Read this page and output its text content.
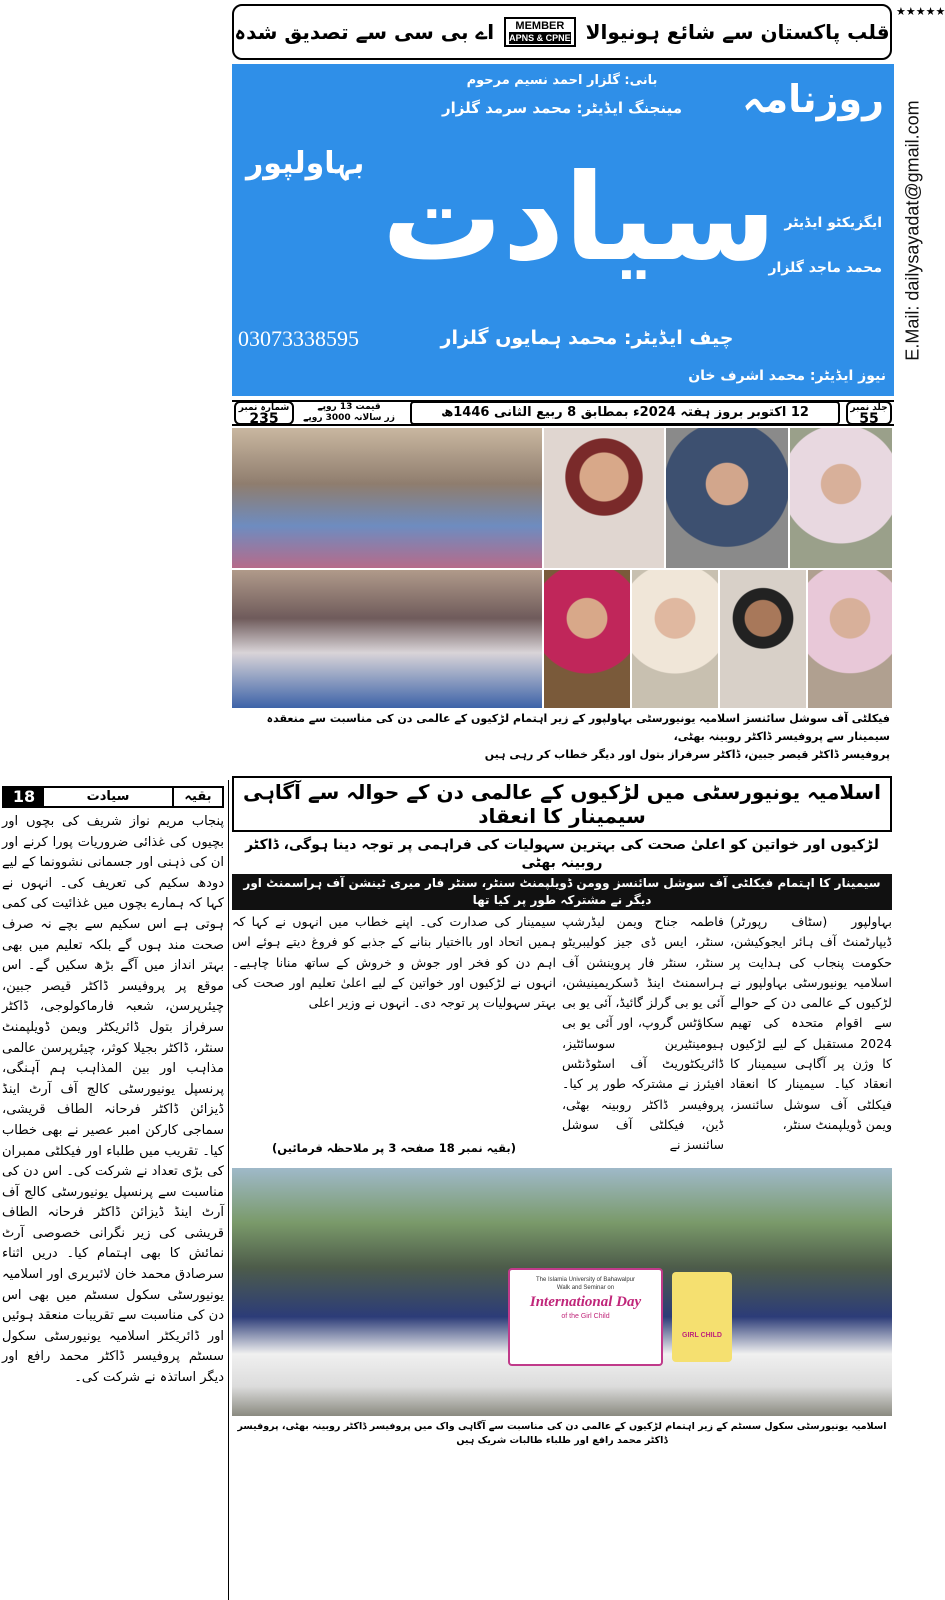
قلب پاکستان سے شائع ہونیوالا
MEMBER
APNS & CPNE
اے بی سی سے تصدیق شدہ
★★★★★
E.Mail: dailysayadat@gmail.com
روزنامہ
بہاولپور
بانی: گلزار احمد نسیم مرحوم
مینجنگ ایڈیٹر: محمد سرمد گلزار
سیادت ایگزیکٹو ایڈیٹر
محمد ماجد گلزار
نیوز ایڈیٹر: محمد اشرف خان
چیف ایڈیٹر: محمد ہمایوں گلزار
03073338595
شمارہ نمبر
235
قیمت 13 روپے
زر سالانہ 3000 روپے	12 اکتوبر بروز ہفتہ 2024ء بمطابق 8 ربیع الثانی 1446ھ	جلد نمبر
55
فیکلٹی آف سوشل سائنسز اسلامیہ یونیورسٹی بہاولپور کے زیر اہتمام لڑکیوں کے عالمی دن کی مناسبت سے منعقدہ سیمینار سے پروفیسر ڈاکٹر روبینہ بھٹی،
پروفیسر ڈاکٹر قیصر جبین، ڈاکٹر سرفراز بتول اور دیگر خطاب کر رہی ہیں
اسلامیہ یونیورسٹی میں لڑکیوں کے عالمی دن کے حوالہ سے آگاہی سیمینار کا انعقاد
لڑکیوں اور خواتین کو اعلیٰ صحت کی بہترین سہولیات کی فراہمی پر توجہ دینا ہوگی، ڈاکٹر روبینہ بھٹی
سیمینار کا اہتمام فیکلٹی آف سوشل سائنسز وومن ڈویلپمنٹ سنٹر، سنٹر فار میری ٹینشن آف ہراسمنٹ اور دیگر نے مشترکہ طور پر کیا تھا
بہاولپور (سٹاف رپورٹر) ڈیپارٹمنٹ آف ہائر ایجوکیشن، حکومت پنجاب کی ہدایت پر اسلامیہ یونیورسٹی بہاولپور نے لڑکیوں کے عالمی دن کے حوالے سے اقوام متحدہ کی تھیم 2024 مستقبل کے لیے لڑکیوں کا وژن پر آگاہی سیمینار کا انعقاد کیا۔ سیمینار کا انعقاد فیکلٹی آف سوشل سائنسز، ویمن ڈویلپمنٹ سنٹر،
فاطمہ جناح ویمن لیڈرشپ سنٹر، ایس ڈی جیز کولیبریٹو سنٹر، سنٹر فار پروینشن آف ہراسمنٹ اینڈ ڈسکریمینیشن، آئی یو بی گرلز گائیڈ، آئی یو بی سکاؤٹس گروپ، اور آئی یو بی ہیومینٹیرین سوسائٹیز، ڈائریکٹوریٹ آف اسٹوڈنٹس افیئرز نے مشترکہ طور پر کیا۔ پروفیسر ڈاکٹر روبینہ بھٹی، ڈین، فیکلٹی آف سوشل سائنسز نے
سیمینار کی صدارت کی۔ اپنے خطاب میں انہوں نے کہا کہ ہمیں اتحاد اور بااختیار بنانے کے جذبے کو فروغ دیتے ہوئے اس اہم دن کو فخر اور جوش و خروش کے ساتھ منانا چاہیے۔ انہوں نے لڑکیوں اور خواتین کے لیے اعلیٰ تعلیم اور صحت کی بہتر سہولیات پر توجہ دی۔ انہوں نے وزیر اعلی
(بقیہ نمبر 18 صفحہ 3 پر ملاحظہ فرمائیں)
The Islamia University of Bahawalpur
Walk and Seminar on
International Day
of the Girl Child
GIRL CHILD
اسلامیہ یونیورسٹی سکول سسٹم کے زیر اہتمام لڑکیوں کے عالمی دن کی مناسبت سے آگاہی واک میں پروفیسر ڈاکٹر روبینہ بھٹی، پروفیسر ڈاکٹر محمد رافع اور طلباء طالبات شریک ہیں
18	سیادت	بقیہ
پنجاب مریم نواز شریف کی بچوں اور بچیوں کی غذائی ضروریات پورا کرنے اور ان کی ذہنی اور جسمانی نشوونما کے لیے دودھ سکیم کی تعریف کی۔ انہوں نے کہا کہ ہمارے بچوں میں غذائیت کی کمی ہوتی ہے اس سکیم سے بچے نہ صرف صحت مند ہوں گے بلکہ تعلیم میں بھی بہتر انداز میں آگے بڑھ سکیں گے۔ اس موقع پر پروفیسر ڈاکٹر قیصر جبین، چیئرپرسن، شعبہ فارماکولوجی، ڈاکٹر سرفراز بتول ڈائریکٹر ویمن ڈویلپمنٹ سنٹر، ڈاکٹر بجیلا کوثر، چیئرپرسن عالمی مذاہب اور بین المذاہب ہم آہنگی، پرنسپل یونیورسٹی کالج آف آرٹ اینڈ ڈیزائن ڈاکٹر فرحانہ الطاف قریشی، سماجی کارکن امبر عصیر نے بھی خطاب کیا۔ تقریب میں طلباء اور فیکلٹی ممبران کی بڑی تعداد نے شرکت کی۔ اس دن کی مناسبت سے پرنسپل یونیورسٹی کالج آف آرٹ اینڈ ڈیزائن ڈاکٹر فرحانہ الطاف قریشی کی زیر نگرانی خصوصی آرٹ نمائش کا بھی اہتمام کیا۔ دریں اثناء سرصادق محمد خان لائبریری اور اسلامیہ یونیورسٹی سکول سسٹم میں بھی اس دن کی مناسبت سے تقریبات منعقد ہوئیں اور ڈائریکٹر اسلامیہ یونیورسٹی سکول سسٹم پروفیسر ڈاکٹر محمد رافع اور دیگر اساتذہ نے شرکت کی۔
